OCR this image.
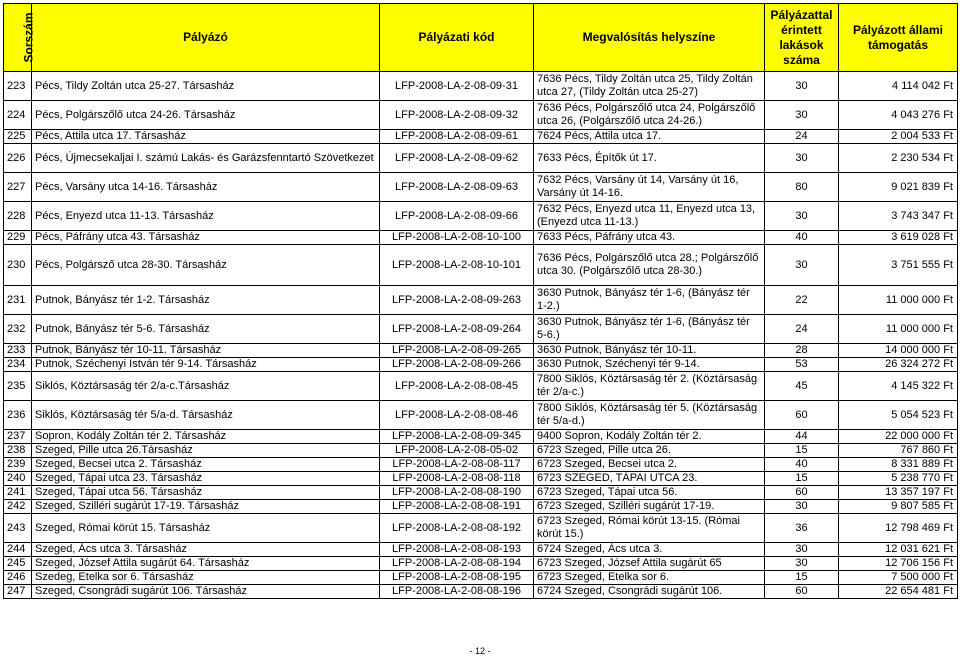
Sorszám	Pályázó	Pályázati kód	Megvalósítás helyszíne	Pályázattal érintett lakások száma	Pályázott állami támogatás
223	Pécs, Tildy Zoltán utca 25-27. Társasház	LFP-2008-LA-2-08-09-31	7636 Pécs, Tildy Zoltán utca 25, Tildy Zoltán utca 27, (Tildy Zoltán utca 25-27)	30	4 114 042 Ft
224	Pécs, Polgárszőlő utca 24-26. Társasház	LFP-2008-LA-2-08-09-32	7636 Pécs, Polgárszőlő utca 24, Polgárszőlő utca 26, (Polgárszőlő utca 24-26.)	30	4 043 276 Ft
225	Pécs, Attila utca 17. Társasház	LFP-2008-LA-2-08-09-61	7624 Pécs, Attila utca 17.	24	2 004 533 Ft
226	Pécs, Újmecsekaljai I. számú Lakás- és Garázsfenntartó Szövetkezet	LFP-2008-LA-2-08-09-62	7633 Pécs, Építők út 17.	30	2 230 534 Ft
227	Pécs, Varsány utca 14-16. Társasház	LFP-2008-LA-2-08-09-63	7632 Pécs, Varsány út 14, Varsány út 16, Varsány út 14-16.	80	9 021 839 Ft
228	Pécs, Enyezd utca 11-13. Társasház	LFP-2008-LA-2-08-09-66	7632 Pécs, Enyezd utca 11, Enyezd utca 13, (Enyezd utca 11-13.)	30	3 743 347 Ft
229	Pécs, Páfrány utca 43. Társasház	LFP-2008-LA-2-08-10-100	7633 Pécs, Páfrány utca 43.	40	3 619 028 Ft
230	Pécs, Polgársző utca 28-30. Társasház	LFP-2008-LA-2-08-10-101	7636 Pécs, Polgárszőlő utca 28.; Polgárszőlő utca 30. (Polgárszőlő utca 28-30.)	30	3 751 555 Ft
231	Putnok, Bányász tér 1-2. Társasház	LFP-2008-LA-2-08-09-263	3630 Putnok, Bányász tér 1-6, (Bányász tér 1-2.)	22	11 000 000 Ft
232	Putnok, Bányász tér 5-6. Társasház	LFP-2008-LA-2-08-09-264	3630 Putnok, Bányász tér 1-6, (Bányász tér 5-6.)	24	11 000 000 Ft
233	Putnok, Bányász tér 10-11. Társasház	LFP-2008-LA-2-08-09-265	3630 Putnok, Bányász tér 10-11.	28	14 000 000 Ft
234	Putnok, Széchenyi István tér 9-14. Társasház	LFP-2008-LA-2-08-09-266	3630 Putnok, Széchenyi tér 9-14.	53	26 324 272 Ft
235	Siklós, Köztársaság tér 2/a-c.Társasház	LFP-2008-LA-2-08-08-45	7800 Siklós, Köztársaság tér 2. (Köztársaság tér 2/a-c.)	45	4 145 322 Ft
236	Siklós, Köztársaság tér 5/a-d. Társasház	LFP-2008-LA-2-08-08-46	7800 Siklós, Köztársaság tér 5. (Köztársaság tér 5/a-d.)	60	5 054 523 Ft
237	Sopron, Kodály Zoltán tér 2. Társasház	LFP-2008-LA-2-08-09-345	9400 Sopron, Kodály Zoltán tér 2.	44	22 000 000 Ft
238	Szeged, Pille utca 26.Társasház	LFP-2008-LA-2-08-05-02	6723 Szeged, Pille utca 26.	15	767 860 Ft
239	Szeged, Becsei utca 2. Társasház	LFP-2008-LA-2-08-08-117	6723 Szeged, Becsei utca 2.	40	8 331 889 Ft
240	Szeged, Tápai utca 23. Társasház	LFP-2008-LA-2-08-08-118	6723 SZEGED, TÁPAI UTCA 23.	15	5 238 770 Ft
241	Szeged, Tápai utca 56. Társasház	LFP-2008-LA-2-08-08-190	6723 Szeged, Tápai utca 56.	60	13 357 197 Ft
242	Szeged, Szilléri sugárút 17-19. Társasház	LFP-2008-LA-2-08-08-191	6723 Szeged, Szilléri sugárút 17-19.	30	9 807 585 Ft
243	Szeged, Római körút 15. Társasház	LFP-2008-LA-2-08-08-192	6723 Szeged, Római körút 13-15. (Római körút 15.)	36	12 798 469 Ft
244	Szeged, Ács utca 3. Társasház	LFP-2008-LA-2-08-08-193	6724 Szeged, Ács utca 3.	30	12 031 621 Ft
245	Szeged, József Attila sugárút 64. Társasház	LFP-2008-LA-2-08-08-194	6723 Szeged, József Attila sugárút 65	30	12 706 156 Ft
246	Szedeg, Etelka sor 6. Társasház	LFP-2008-LA-2-08-08-195	6723 Szeged, Etelka sor 6.	15	7 500 000 Ft
247	Szeged, Csongrádi sugárút 106. Társasház	LFP-2008-LA-2-08-08-196	6724 Szeged, Csongrádi sugárút 106.	60	22 654 481 Ft
- 12 -
